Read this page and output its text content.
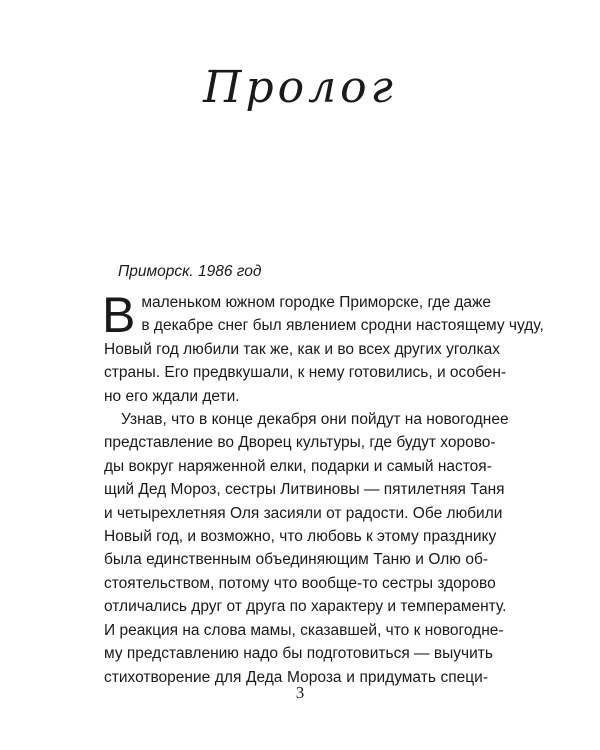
Пролог

Приморск. 1986 год

В маленьком южном городке Приморске, где даже
в декабре снег был явлением сродни настоящему чуду,
Новый год любили так же, как и во всех других уголках
страны. Его предвкушали, к нему готовились, и особен-
но его ждали дети.
Узнав, что в конце декабря они пойдут на новогоднее
представление во Дворец культуры, где будут хорово-
ды вокруг наряженной елки, подарки и самый настоя-
щий Дед Мороз, сестры Литвиновы — пятилетняя Таня
и четырехлетняя Оля засияли от радости. Обе любили
Новый год, и возможно, что любовь к этому празднику
была единственным объединяющим Таню и Олю об-
стоятельством, потому что вообще-то сестры здорово
отличались друг от друга по характеру и темпераменту.
И реакция на слова мамы, сказавшей, что к новогодне-
му представлению надо бы подготовиться — выучить
стихотворение для Деда Мороза и придумать специ-

3
